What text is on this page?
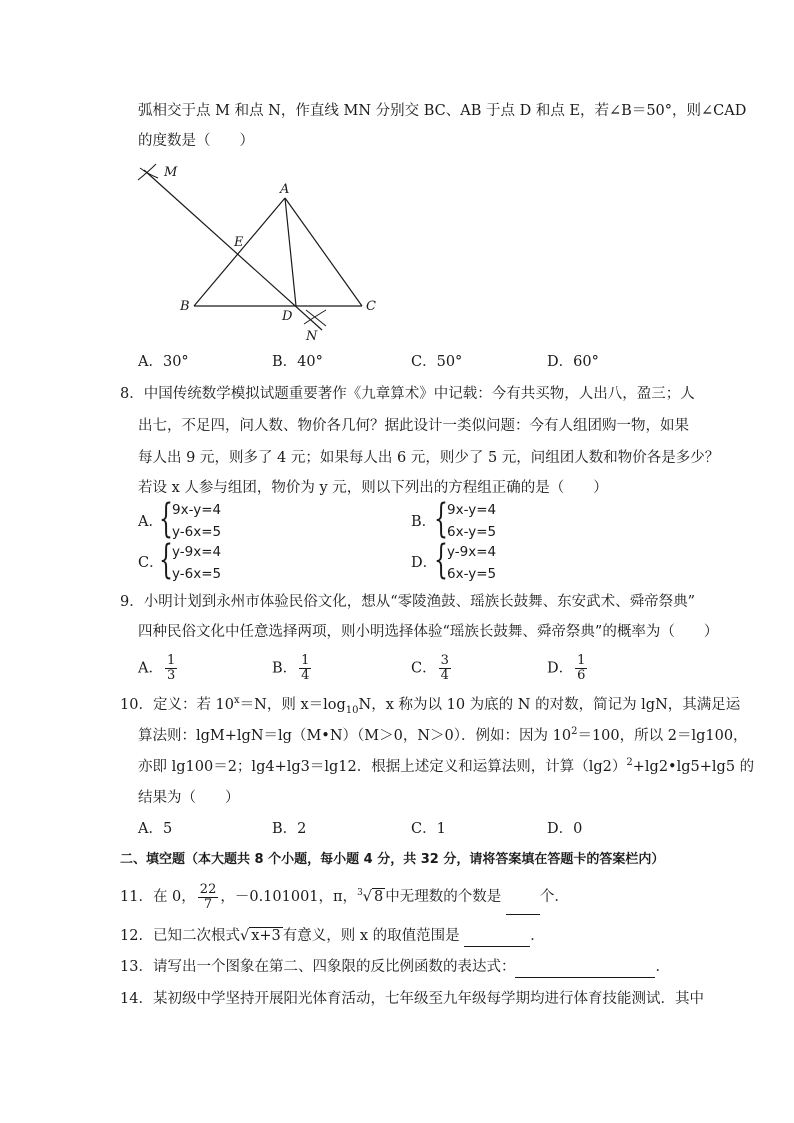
弧相交于点 M 和点 N，作直线 MN 分别交 BC、AB 于点 D 和点 E，若∠B＝50°，则∠CAD
的度数是（　　）
M
A
E
B
D
C
N
A．30°	B．40°	C．50°	D．60°
8．中国传统数学模拟试题重要著作《九章算术》中记载：今有共买物，人出八，盈三；人
出七，不足四，问人数、物价各几何？据此设计一类似问题：今有人组团购一物，如果
每人出 9 元，则多了 4 元；如果每人出 6 元，则少了 5 元，问组团人数和物价各是多少？
若设 x 人参与组团，物价为 y 元，则以下列出的方程组正确的是（　　）
A．
{ 9x-y=4
y-6x=5
B．
{ 9x-y=4
6x-y=5
C．
{ y-9x=4
y-6x=5
D．
{ y-9x=4
6x-y=5
9．小明计划到永州市体验民俗文化，想从“零陵渔鼓、瑶族长鼓舞、东安武术、舜帝祭典”
四种民俗文化中任意选择两项，则小明选择体验“瑶族长鼓舞、舜帝祭典”的概率为（　　）
A． $\frac{1}{3}$	B． $\frac{1}{4}$	C． $\frac{3}{4}$	D． $\frac{1}{6}$
10．定义：若 $10^x=N$，则 $x=\log_{10}N$，x 称为以 10 为底的 N 的对数，简记为 lgN，其满足运
算法则：lgM+lgN＝lg（M•N）（M＞0，N＞0）．例如：因为 $10^2=100$，所以 2＝lg100，
亦即 lg100＝2；lg4+lg3＝lg12．根据上述定义和运算法则，计算$(\lg 2)^2+\lg 2•\lg 5+\lg 5$ 的
结果为（　　）
A．5	B．2	C．1	D．0
二、填空题（本大题共 8 个小题，每小题 4 分，共 32 分，请将答案填在答题卡的答案栏内）
11．在 0， $\frac{22}{7}$ ，－0.101001，π，$^3$√ 8 中无理数的个数是  个．
12．已知二次根式√ x+3 有意义，则 x 的取值范围是	．
13．请写出一个图象在第二、四象限的反比例函数的表达式：	．
14．某初级中学坚持开展阳光体育活动，七年级至九年级每学期均进行体育技能测试．其中
